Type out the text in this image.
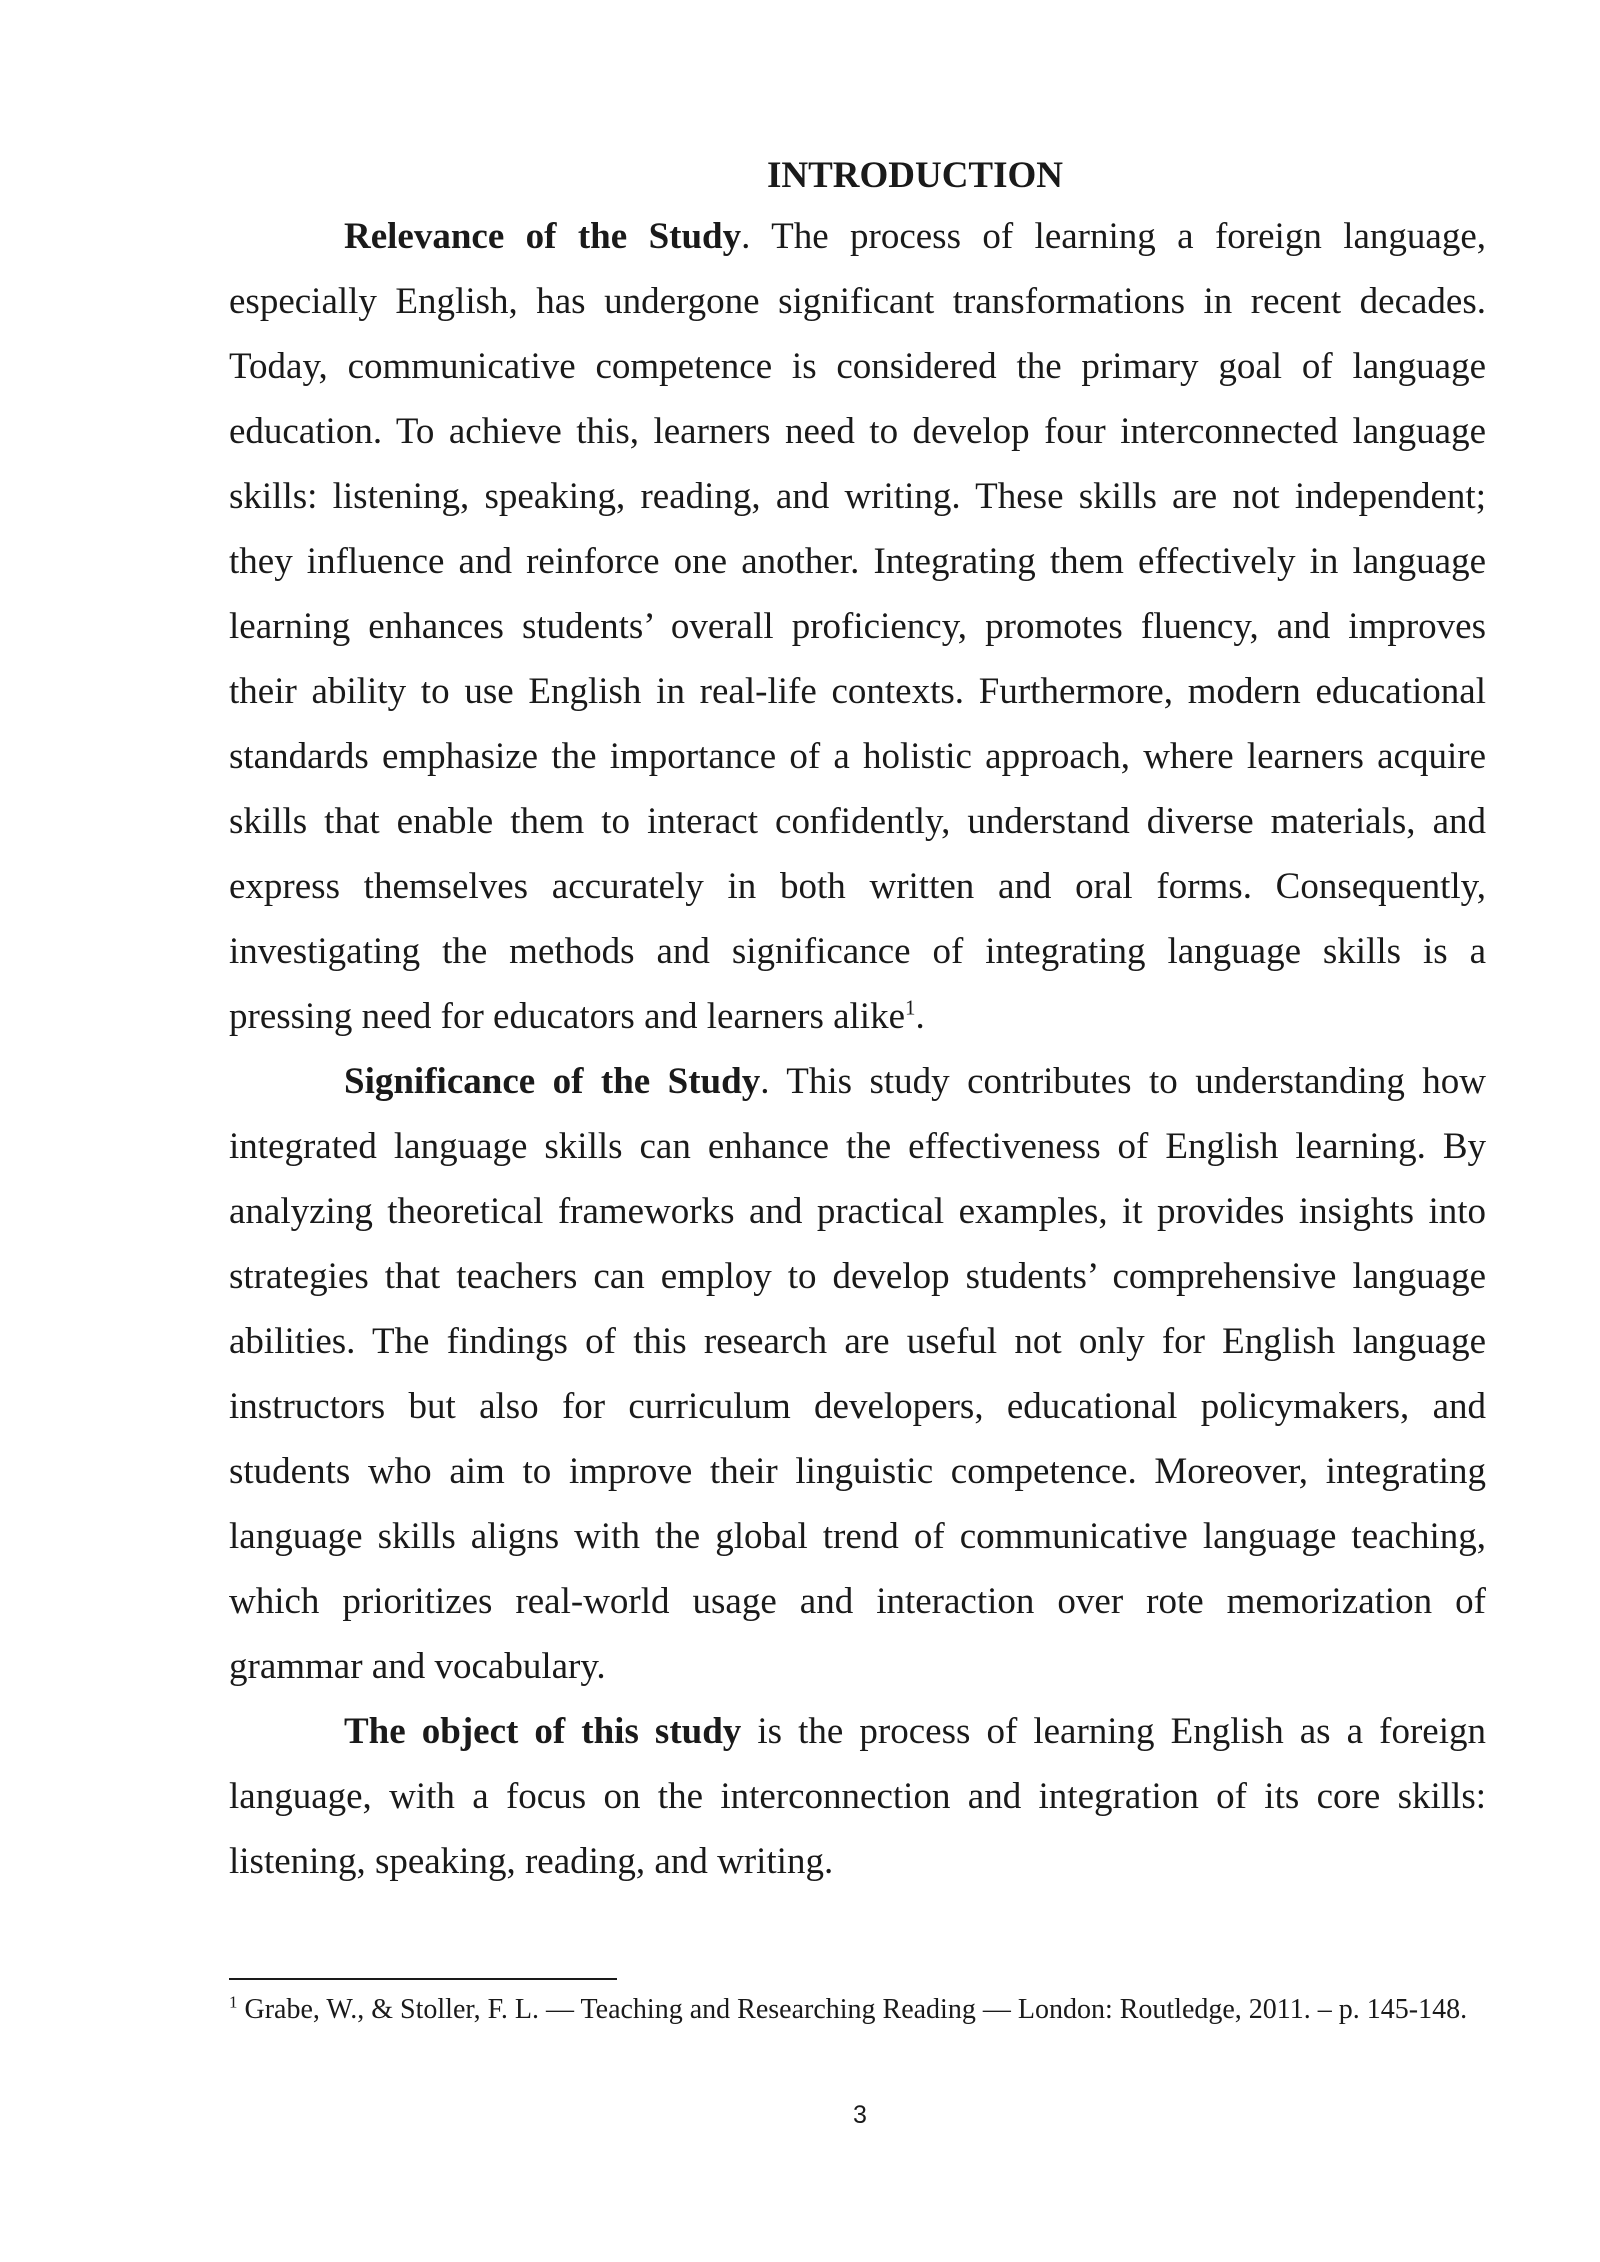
INTRODUCTION

Relevance of the Study. The process of learning a foreign language, especially English, has undergone significant transformations in recent decades. Today, communicative competence is considered the primary goal of language education. To achieve this, learners need to develop four interconnected language skills: listening, speaking, reading, and writing. These skills are not independent; they influence and reinforce one another. Integrating them effectively in language learning enhances students’ overall proficiency, promotes fluency, and improves their ability to use English in real-life contexts. Furthermore, modern educational standards emphasize the importance of a holistic approach, where learners acquire skills that enable them to interact confidently, understand diverse materials, and express themselves accurately in both written and oral forms. Consequently, investigating the methods and significance of integrating language skills is a pressing need for educators and learners alike$^1$.

Significance of the Study. This study contributes to understanding how integrated language skills can enhance the effectiveness of English learning. By analyzing theoretical frameworks and practical examples, it provides insights into strategies that teachers can employ to develop students’ comprehensive language abilities. The findings of this research are useful not only for English language instructors but also for curriculum developers, educational policymakers, and students who aim to improve their linguistic competence. Moreover, integrating language skills aligns with the global trend of communicative language teaching, which prioritizes real-world usage and interaction over rote memorization of grammar and vocabulary.

The object of this study is the process of learning English as a foreign language, with a focus on the interconnection and integration of its core skills: listening, speaking, reading, and writing.

$^1$ Grabe, W., & Stoller, F. L. — Teaching and Researching Reading — London: Routledge, 2011. – p. 145-148.

3
